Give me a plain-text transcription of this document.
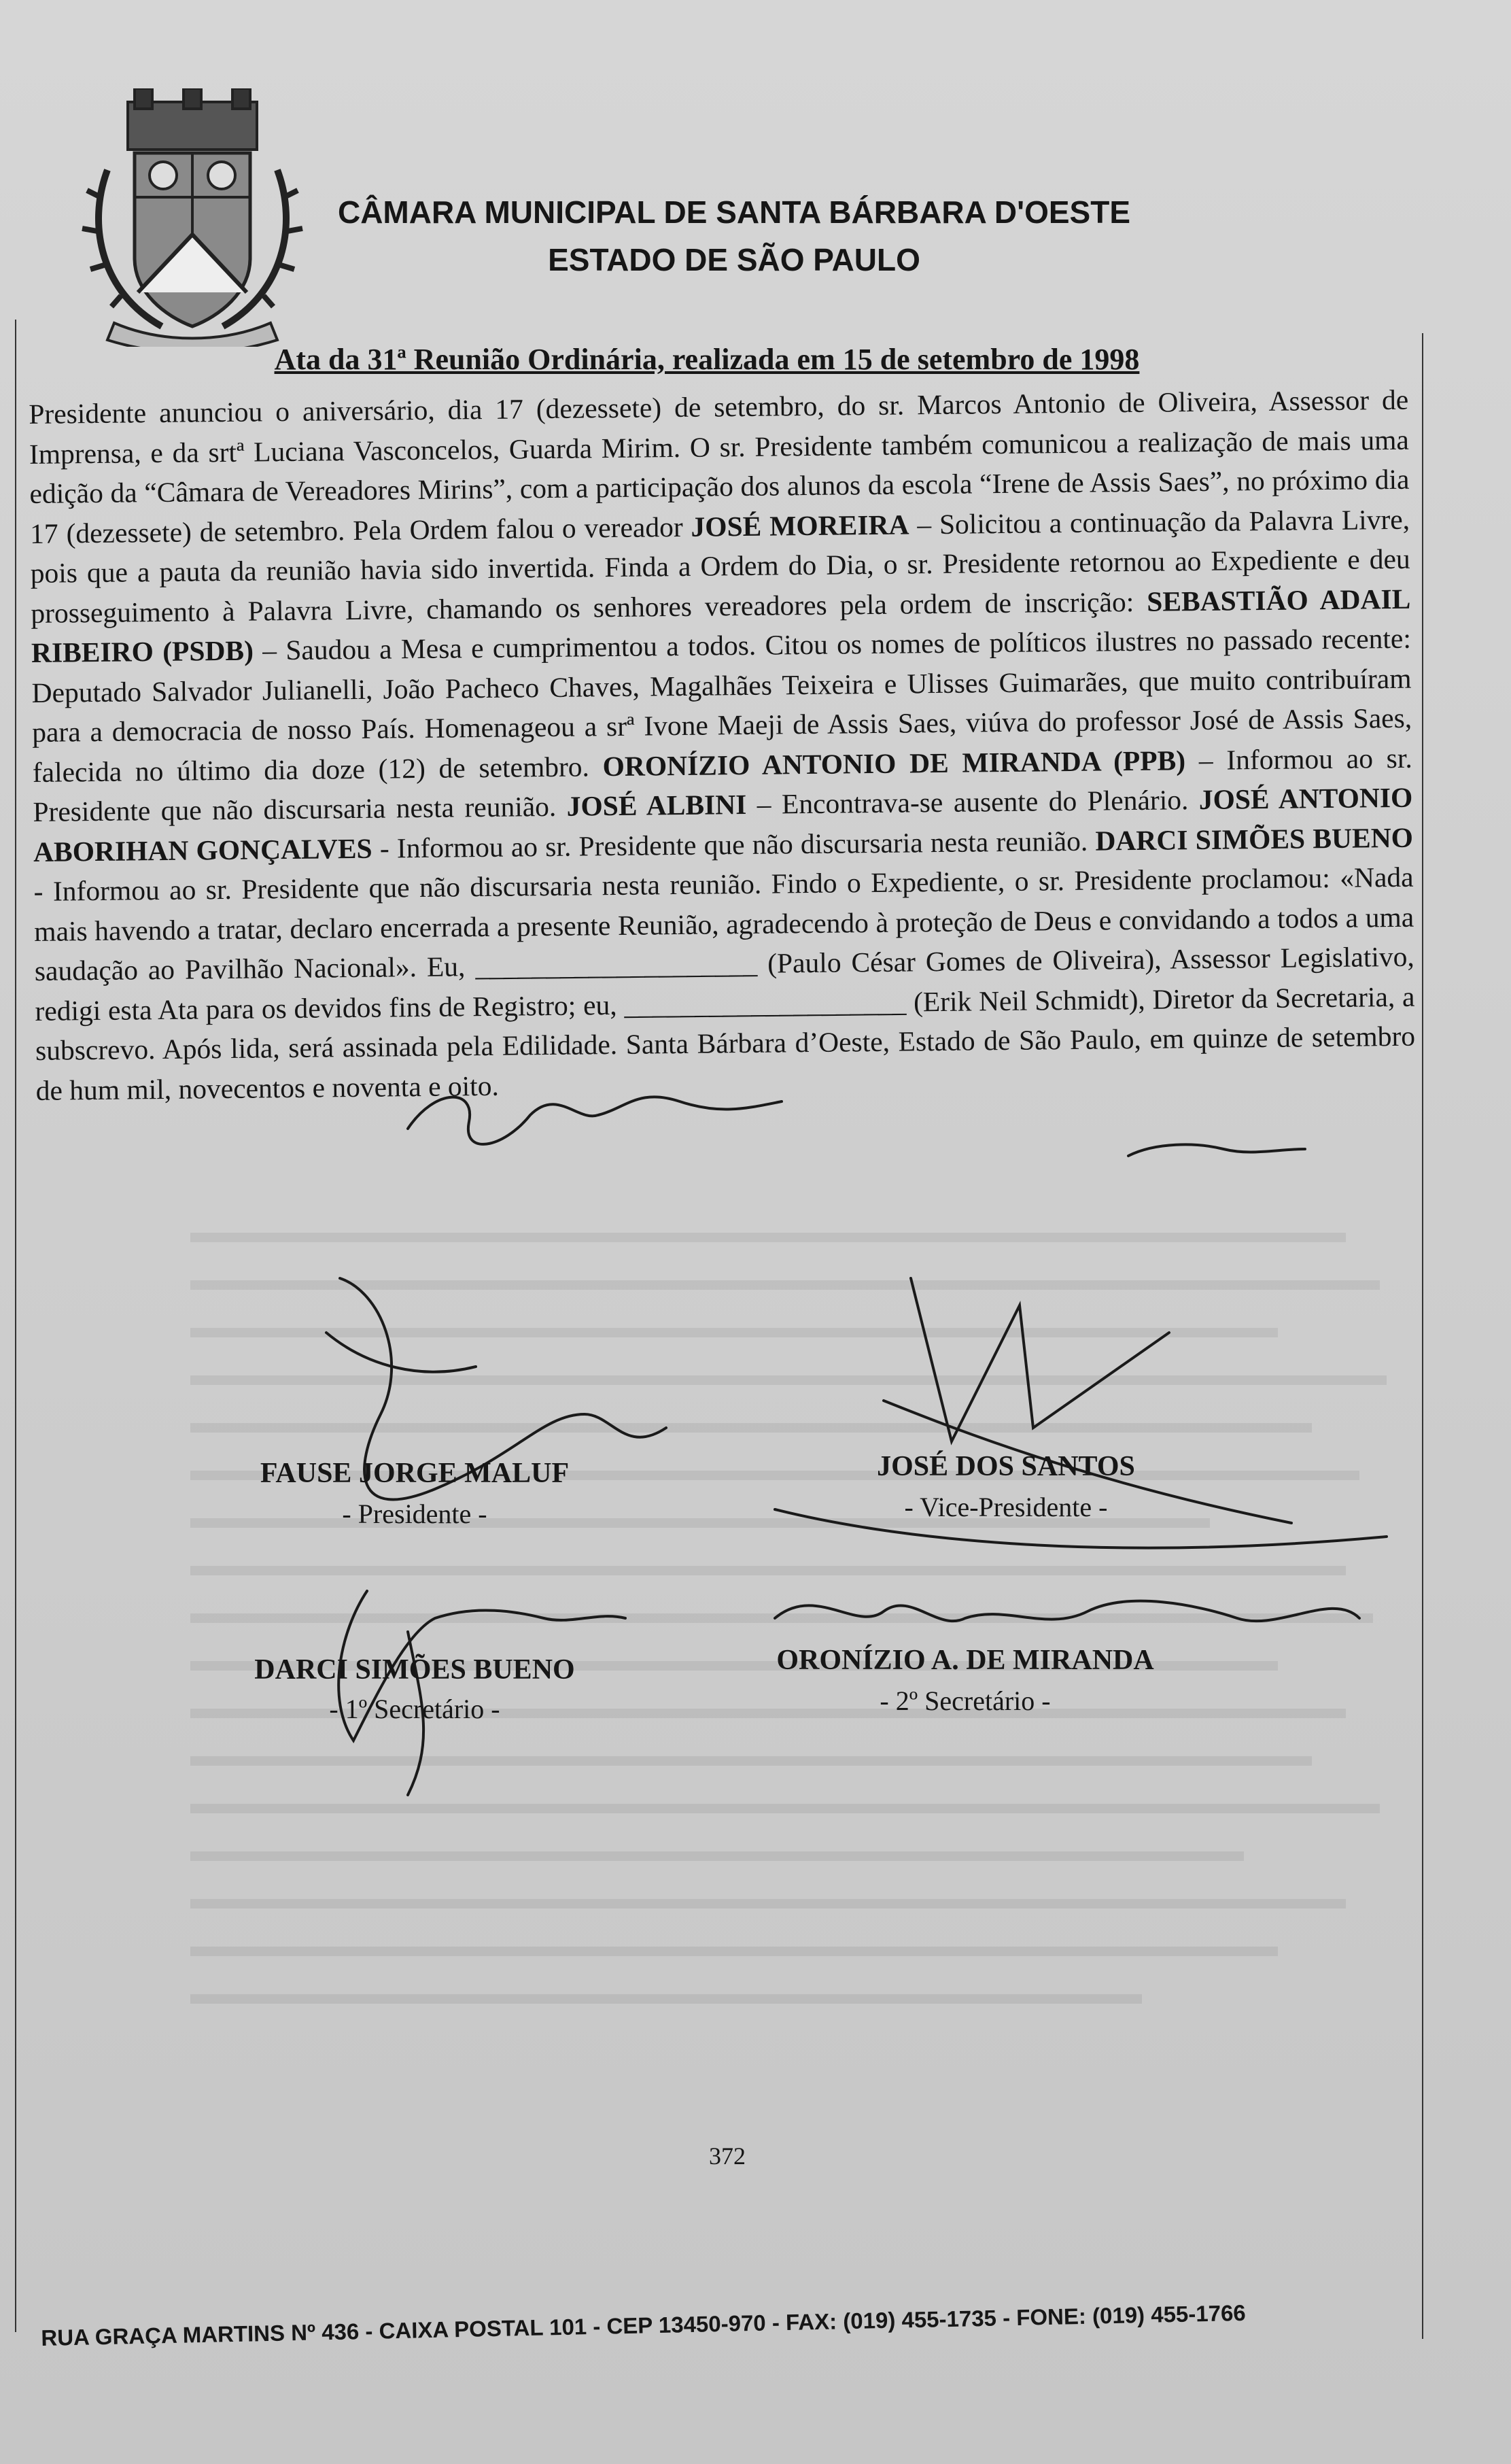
CÂMARA MUNICIPAL DE SANTA BÁRBARA D'OESTE
ESTADO DE SÃO PAULO
Ata da 31ª Reunião Ordinária, realizada em 15 de setembro de 1998

Presidente anunciou o aniversário, dia 17 (dezessete) de setembro, do sr. Marcos Antonio de Oliveira, Assessor de Imprensa, e da srtª Luciana Vasconcelos, Guarda Mirim. O sr. Presidente também comunicou a realização de mais uma edição da “Câmara de Vereadores Mirins”, com a participação dos alunos da escola “Irene de Assis Saes”, no próximo dia 17 (dezessete) de setembro. Pela Ordem falou o vereador JOSÉ MOREIRA – Solicitou a continuação da Palavra Livre, pois que a pauta da reunião havia sido invertida. Finda a Ordem do Dia, o sr. Presidente retornou ao Expediente e deu prosseguimento à Palavra Livre, chamando os senhores vereadores pela ordem de inscrição: SEBASTIÃO ADAIL RIBEIRO (PSDB) – Saudou a Mesa e cumprimentou a todos. Citou os nomes de políticos ilustres no passado recente: Deputado Salvador Julianelli, João Pacheco Chaves, Magalhães Teixeira e Ulisses Guimarães, que muito contribuíram para a democracia de nosso País. Homenageou a srª Ivone Maeji de Assis Saes, viúva do professor José de Assis Saes, falecida no último dia doze (12) de setembro. ORONÍZIO ANTONIO DE MIRANDA (PPB) – Informou ao sr. Presidente que não discursaria nesta reunião. JOSÉ ALBINI – Encontrava-se ausente do Plenário. JOSÉ ANTONIO ABORIHAN GONÇALVES - Informou ao sr. Presidente que não discursaria nesta reunião. DARCI SIMÕES BUENO - Informou ao sr. Presidente que não discursaria nesta reunião. Findo o Expediente, o sr. Presidente proclamou: «Nada mais havendo a tratar, declaro encerrada a presente Reunião, agradecendo à proteção de Deus e convidando a todos a uma saudação ao Pavilhão Nacional». Eu, ____________________ (Paulo César Gomes de Oliveira), Assessor Legislativo, redigi esta Ata para os devidos fins de Registro; eu, ____________________ (Erik Neil Schmidt), Diretor da Secretaria, a subscrevo. Após lida, será assinada pela Edilidade. Santa Bárbara d’Oeste, Estado de São Paulo, em quinze de setembro de hum mil, novecentos e noventa e oito.

FAUSE JORGE MALUF
- Presidente -
JOSÉ DOS SANTOS
- Vice-Presidente -
DARCI SIMÕES BUENO
- 1º Secretário -
ORONÍZIO A. DE MIRANDA
- 2º Secretário -
372
RUA GRAÇA MARTINS Nº 436 - CAIXA POSTAL 101 - CEP 13450-970 - FAX: (019) 455-1735 - FONE: (019) 455-1766
